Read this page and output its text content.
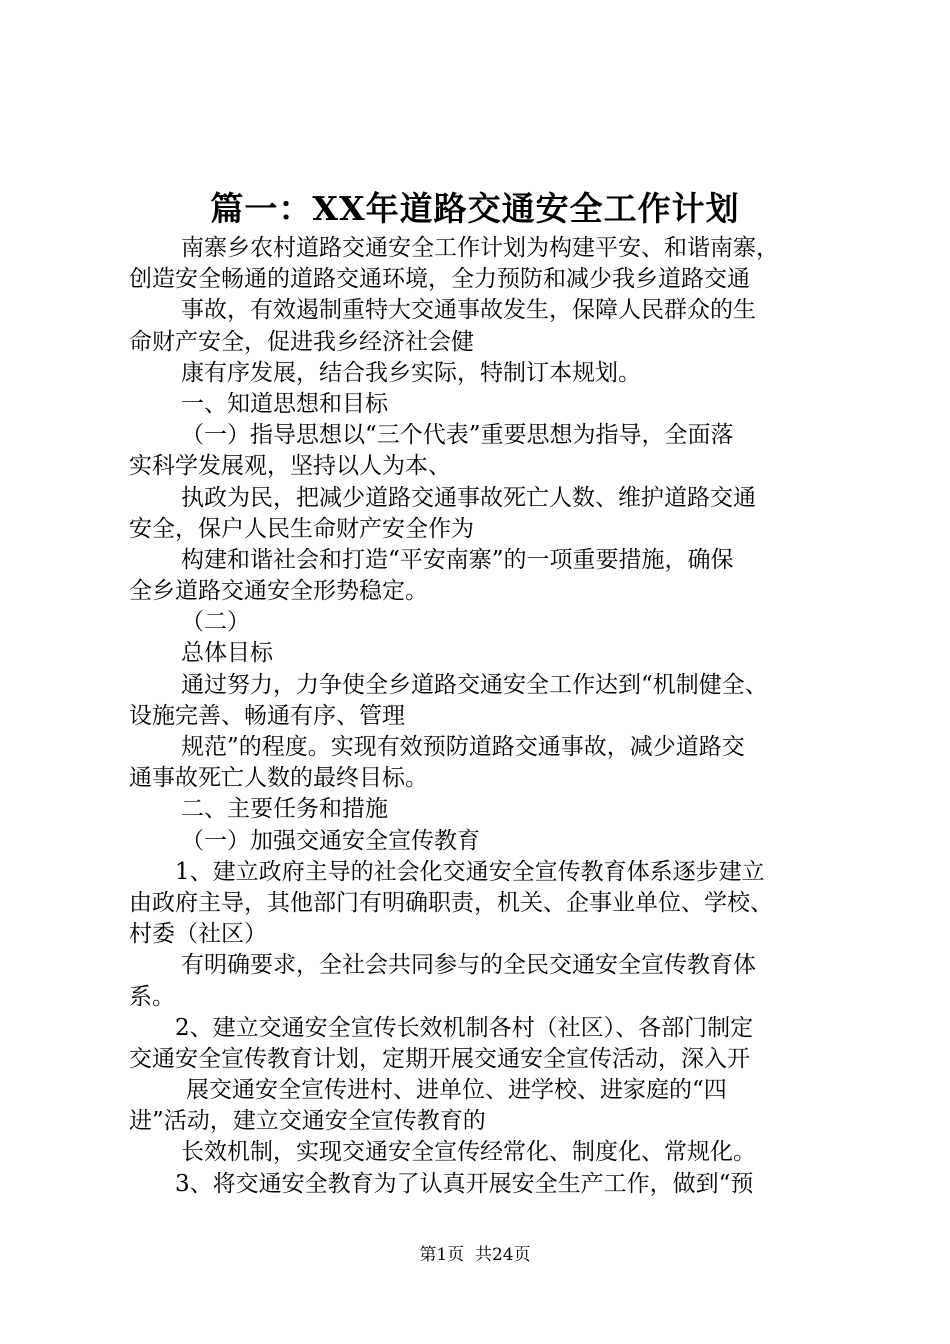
篇一：XX年道路交通安全工作计划
南寨乡农村道路交通安全工作计划为构建平安、和谐南寨，
创造安全畅通的道路交通环境，全力预防和减少我乡道路交通
事故，有效遏制重特大交通事故发生，保障人民群众的生
命财产安全，促进我乡经济社会健
康有序发展，结合我乡实际，特制订本规划。
一、知道思想和目标
（一）指导思想以“三个代表”重要思想为指导，全面落
实科学发展观，坚持以人为本、
执政为民，把减少道路交通事故死亡人数、维护道路交通
安全，保户人民生命财产安全作为
构建和谐社会和打造“平安南寨”的一项重要措施，确保
全乡道路交通安全形势稳定。
（二）
总体目标
通过努力，力争使全乡道路交通安全工作达到“机制健全、
设施完善、畅通有序、管理
规范”的程度。实现有效预防道路交通事故，减少道路交
通事故死亡人数的最终目标。
二、主要任务和措施
（一）加强交通安全宣传教育
1、建立政府主导的社会化交通安全宣传教育体系逐步建立
由政府主导，其他部门有明确职责，机关、企事业单位、学校、
村委（社区）
有明确要求，全社会共同参与的全民交通安全宣传教育体
系。
2、建立交通安全宣传长效机制各村（社区）、各部门制定
交通安全宣传教育计划，定期开展交通安全宣传活动，深入开
展交通安全宣传进村、进单位、进学校、进家庭的“四
进”活动，建立交通安全宣传教育的
长效机制，实现交通安全宣传经常化、制度化、常规化。
3、将交通安全教育为了认真开展安全生产工作，做到“预
第1页  共24页
